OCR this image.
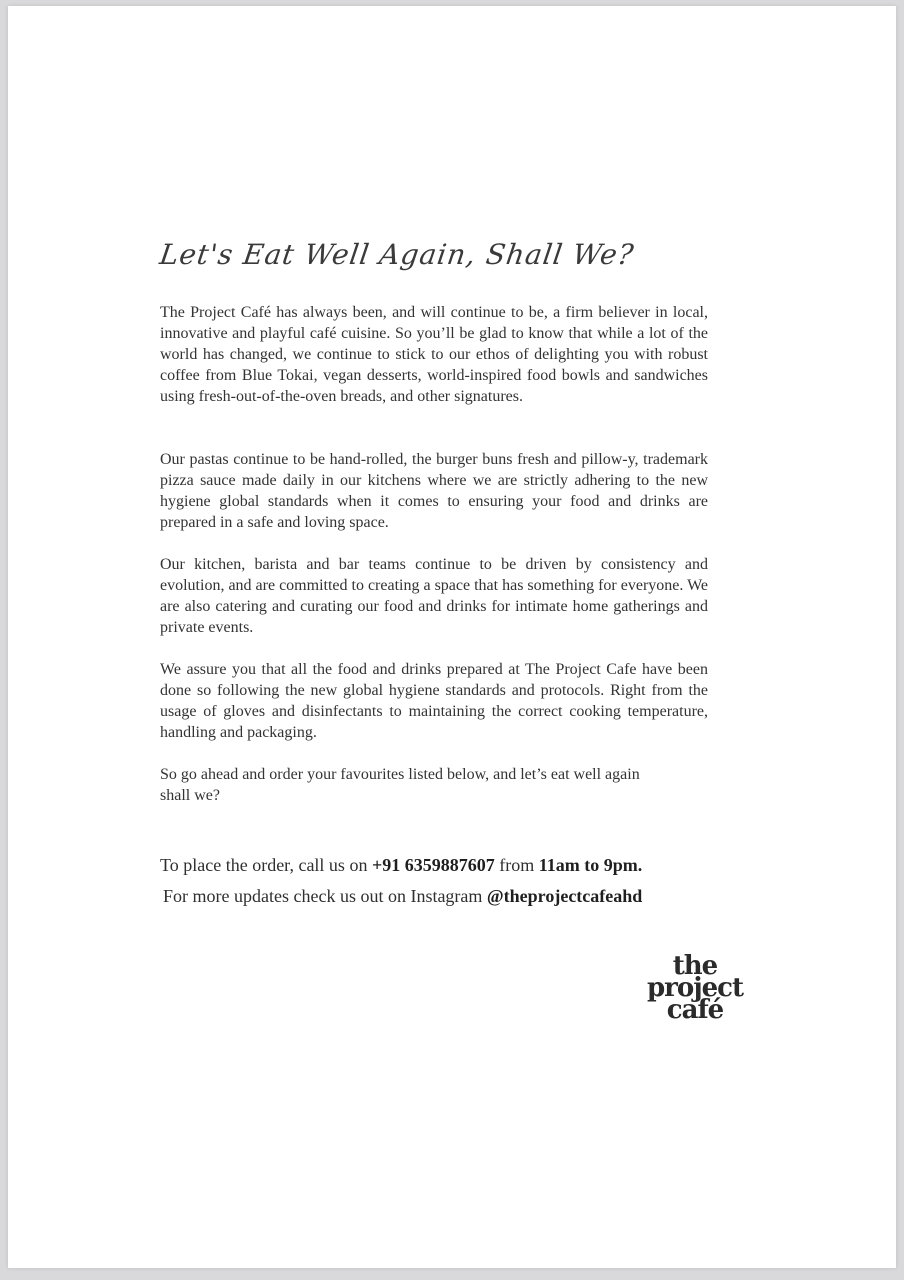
Let's Eat Well Again, Shall We?

The Project Café has always been, and will continue to be, a firm believer in local, innovative and playful café cuisine. So you’ll be glad to know that while a lot of the world has changed, we continue to stick to our ethos of delighting you with robust coffee from Blue Tokai, vegan desserts, world-inspired food bowls and sandwiches using fresh-out-of-the-oven breads, and other signatures.

Our pastas continue to be hand-rolled, the burger buns fresh and pillow-y, trademark pizza sauce made daily in our kitchens where we are strictly adhering to the new hygiene global standards when it comes to ensuring your food and drinks are prepared in a safe and loving space.

Our kitchen, barista and bar teams continue to be driven by consistency and evolution, and are committed to creating a space that has something for everyone. We are also catering and curating our food and drinks for intimate home gatherings and private events.

We assure you that all the food and drinks prepared at The Project Cafe have been done so following the new global hygiene standards and protocols. Right from the usage of gloves and disinfectants to maintaining the correct cooking temperature, handling and packaging.

So go ahead and order your favourites listed below, and let’s eat well again shall we?

To place the order, call us on +91 6359887607 from 11am to 9pm.

For more updates check us out on Instagram @theprojectcafeahd

the
project
café
